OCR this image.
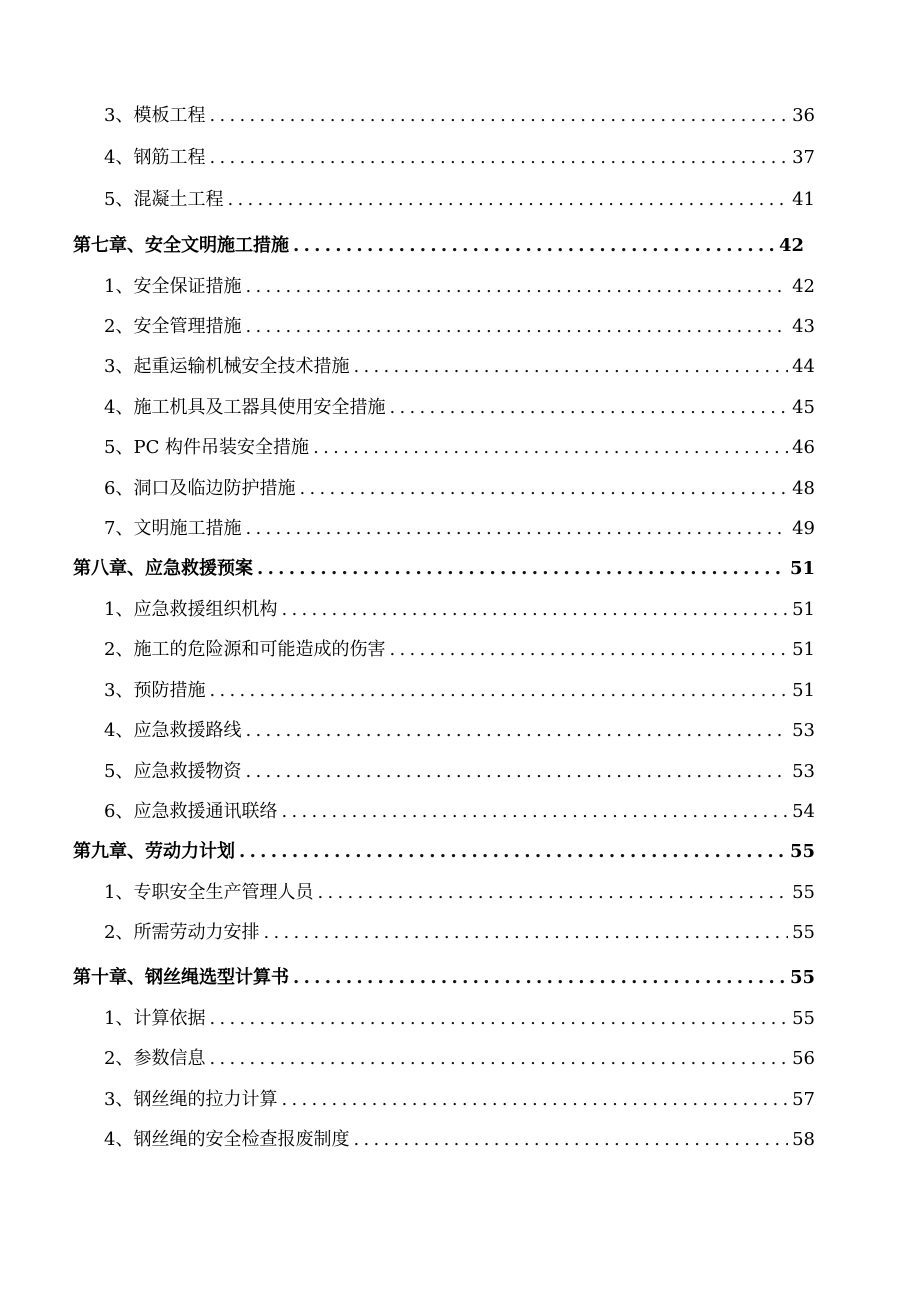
3、模板工程 .....	36
4、钢筋工程 .....	37
5、混凝土工程 .....	41
第七章、安全文明施工措施 .....	42
1、安全保证措施 .....	42
2、安全管理措施 .....	43
3、起重运输机械安全技术措施 .....	44
4、施工机具及工器具使用安全措施 .....	45
5、PC 构件吊装安全措施 .....	46
6、洞口及临边防护措施 .....	48
7、文明施工措施 .....	49
第八章、应急救援预案 .....	51
1、应急救援组织机构 .....	51
2、施工的危险源和可能造成的伤害 .....	51
3、预防措施 .....	51
4、应急救援路线 .....	53
5、应急救援物资 .....	53
6、应急救援通讯联络 .....	54
第九章、劳动力计划 .....	55
1、专职安全生产管理人员 .....	55
2、所需劳动力安排 .....	55
第十章、钢丝绳选型计算书 .....	55
1、计算依据 .....	55
2、参数信息 .....	56
3、钢丝绳的拉力计算 .....	57
4、钢丝绳的安全检查报废制度 .....	58
